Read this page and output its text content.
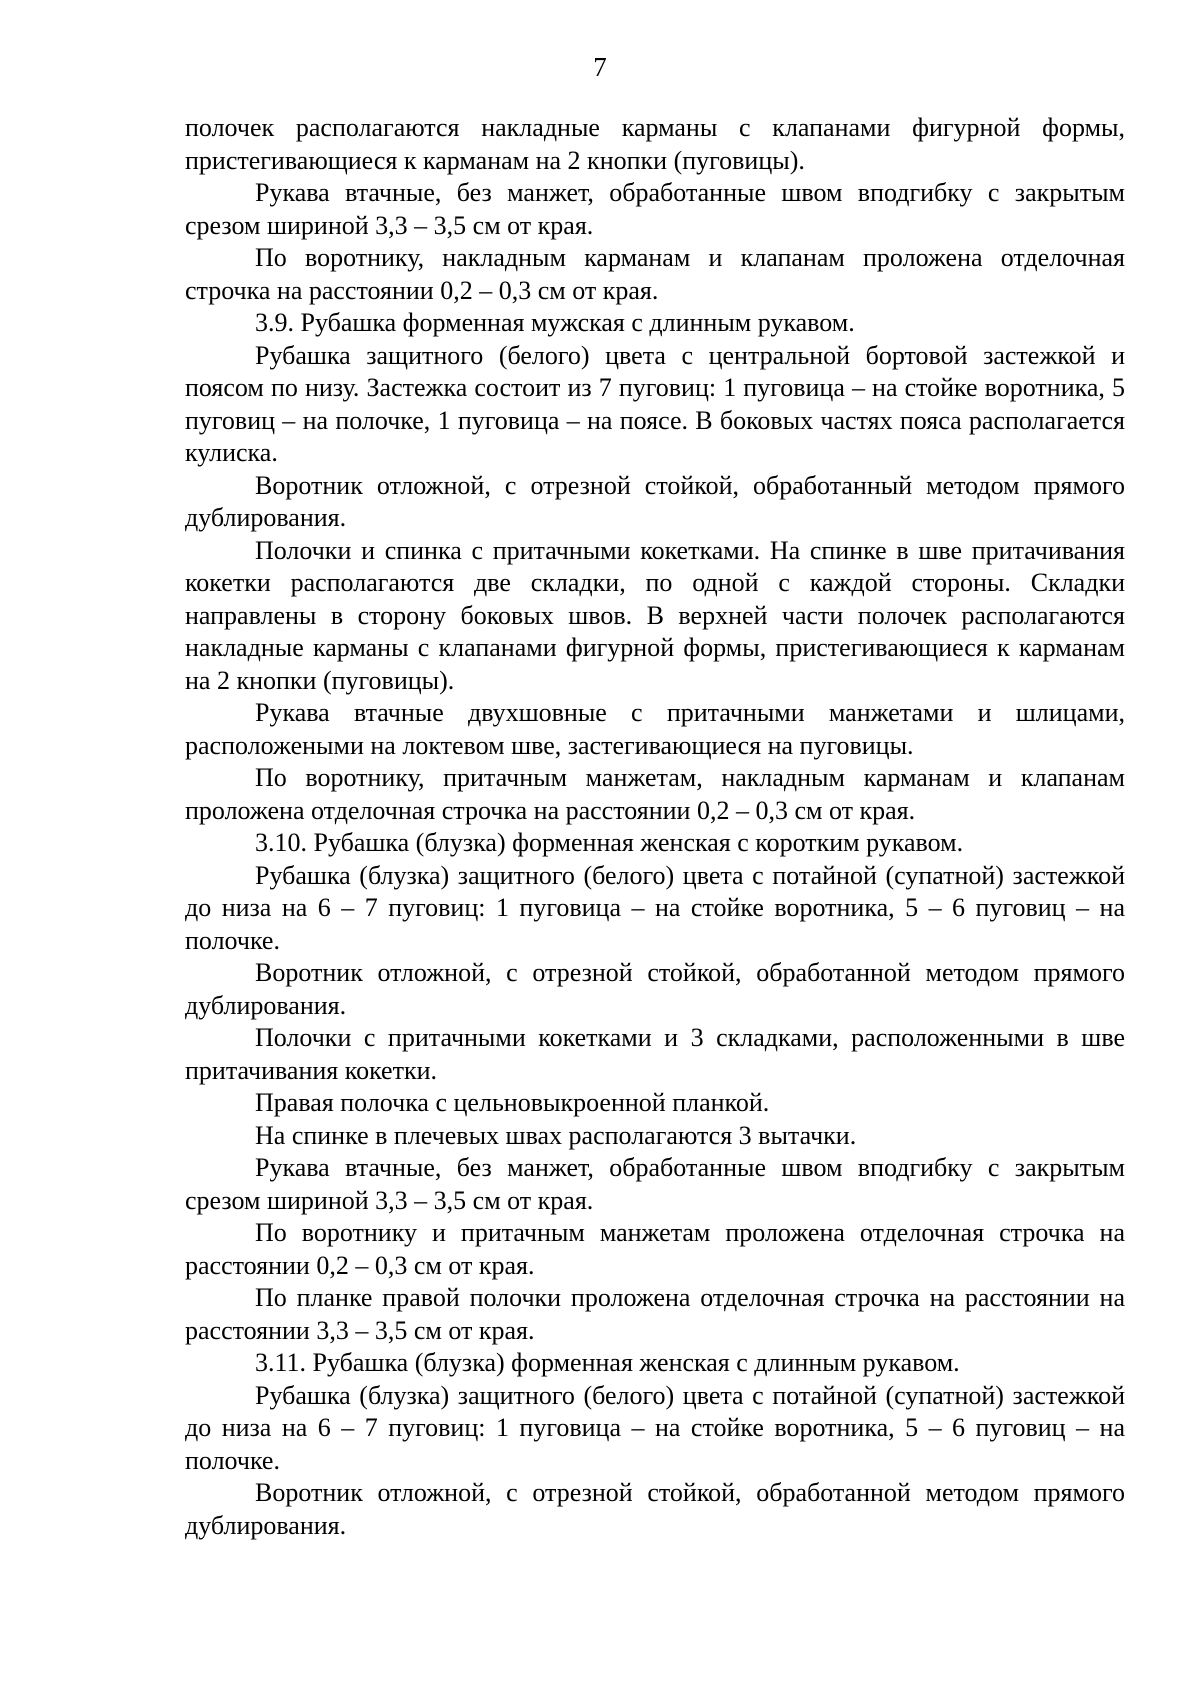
7

полочек располагаются накладные карманы с клапанами фигурной формы, пристегивающиеся к карманам на 2 кнопки (пуговицы).

Рукава втачные, без манжет, обработанные швом вподгибку с закрытым срезом шириной 3,3 – 3,5 см от края.

По воротнику, накладным карманам и клапанам проложена отделочная строчка на расстоянии 0,2 – 0,3 см от края.

3.9. Рубашка форменная мужская с длинным рукавом.

Рубашка защитного (белого) цвета с центральной бортовой застежкой и поясом по низу. Застежка состоит из 7 пуговиц: 1 пуговица – на стойке воротника, 5 пуговиц – на полочке, 1 пуговица – на поясе. В боковых частях пояса располагается кулиска.

Воротник отложной, с отрезной стойкой, обработанный методом прямого дублирования.

Полочки и спинка с притачными кокетками. На спинке в шве притачивания кокетки располагаются две складки, по одной с каждой стороны. Складки направлены в сторону боковых швов. В верхней части полочек располагаются накладные карманы с клапанами фигурной формы, пристегивающиеся к карманам на 2 кнопки (пуговицы).

Рукава втачные двухшовные с притачными манжетами и шлицами, расположеными на локтевом шве, застегивающиеся на пуговицы.

По воротнику, притачным манжетам, накладным карманам и клапанам проложена отделочная строчка на расстоянии 0,2 – 0,3 см от края.

3.10. Рубашка (блузка) форменная женская с коротким рукавом.

Рубашка (блузка) защитного (белого) цвета с потайной (супатной) застежкой до низа на 6 – 7 пуговиц: 1 пуговица – на стойке воротника, 5 – 6 пуговиц – на полочке.

Воротник отложной, с отрезной стойкой, обработанной методом прямого дублирования.

Полочки с притачными кокетками и 3 складками, расположенными в шве притачивания кокетки.

Правая полочка с цельновыкроенной планкой.

На спинке в плечевых швах располагаются 3 вытачки.

Рукава втачные, без манжет, обработанные швом вподгибку с закрытым срезом шириной 3,3 – 3,5 см от края.

По воротнику и притачным манжетам проложена отделочная строчка на расстоянии 0,2 – 0,3 см от края.

По планке правой полочки проложена отделочная строчка на расстоянии на расстоянии 3,3 – 3,5 см от края.

3.11. Рубашка (блузка) форменная женская с длинным рукавом.

Рубашка (блузка) защитного (белого) цвета с потайной (супатной) застежкой до низа на 6 – 7 пуговиц: 1 пуговица – на стойке воротника, 5 – 6 пуговиц – на полочке.

Воротник отложной, с отрезной стойкой, обработанной методом прямого дублирования.
